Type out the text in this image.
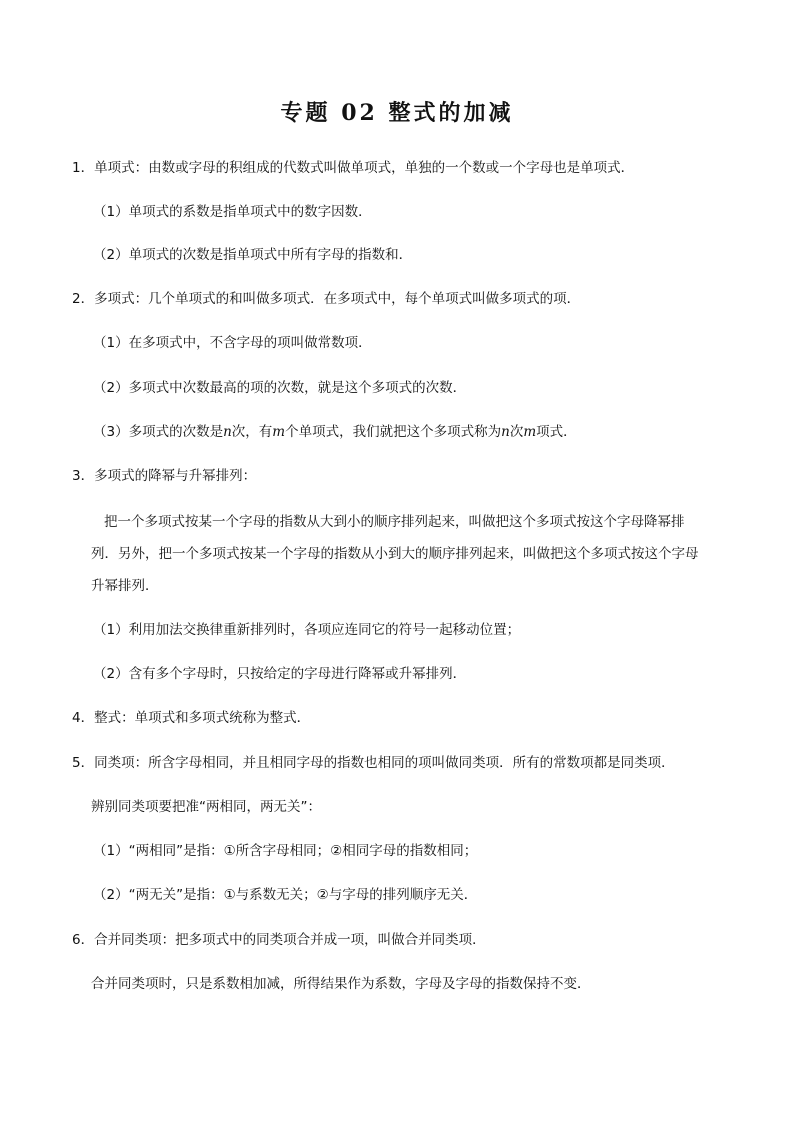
专题 02 整式的加减
1．单项式：由数或字母的积组成的代数式叫做单项式，单独的一个数或一个字母也是单项式．
（1）单项式的系数是指单项式中的数字因数．
（2）单项式的次数是指单项式中所有字母的指数和．
2．多项式：几个单项式的和叫做多项式．在多项式中，每个单项式叫做多项式的项．
（1）在多项式中，不含字母的项叫做常数项．
（2）多项式中次数最高的项的次数，就是这个多项式的次数．
（3）多项式的次数是n次，有m个单项式，我们就把这个多项式称为n次m项式．
3．多项式的降幂与升幂排列：
把一个多项式按某一个字母的指数从大到小的顺序排列起来，叫做把这个多项式按这个字母降幂排
列．另外，把一个多项式按某一个字母的指数从小到大的顺序排列起来，叫做把这个多项式按这个字母
升幂排列．
（1）利用加法交换律重新排列时，各项应连同它的符号一起移动位置；
（2）含有多个字母时，只按给定的字母进行降幂或升幂排列．
4．整式：单项式和多项式统称为整式．
5．同类项：所含字母相同，并且相同字母的指数也相同的项叫做同类项．所有的常数项都是同类项．
辨别同类项要把准“两相同，两无关”：
（1）“两相同”是指：①所含字母相同；②相同字母的指数相同；
（2）“两无关”是指：①与系数无关；②与字母的排列顺序无关．
6．合并同类项：把多项式中的同类项合并成一项，叫做合并同类项．
合并同类项时，只是系数相加减，所得结果作为系数，字母及字母的指数保持不变．
